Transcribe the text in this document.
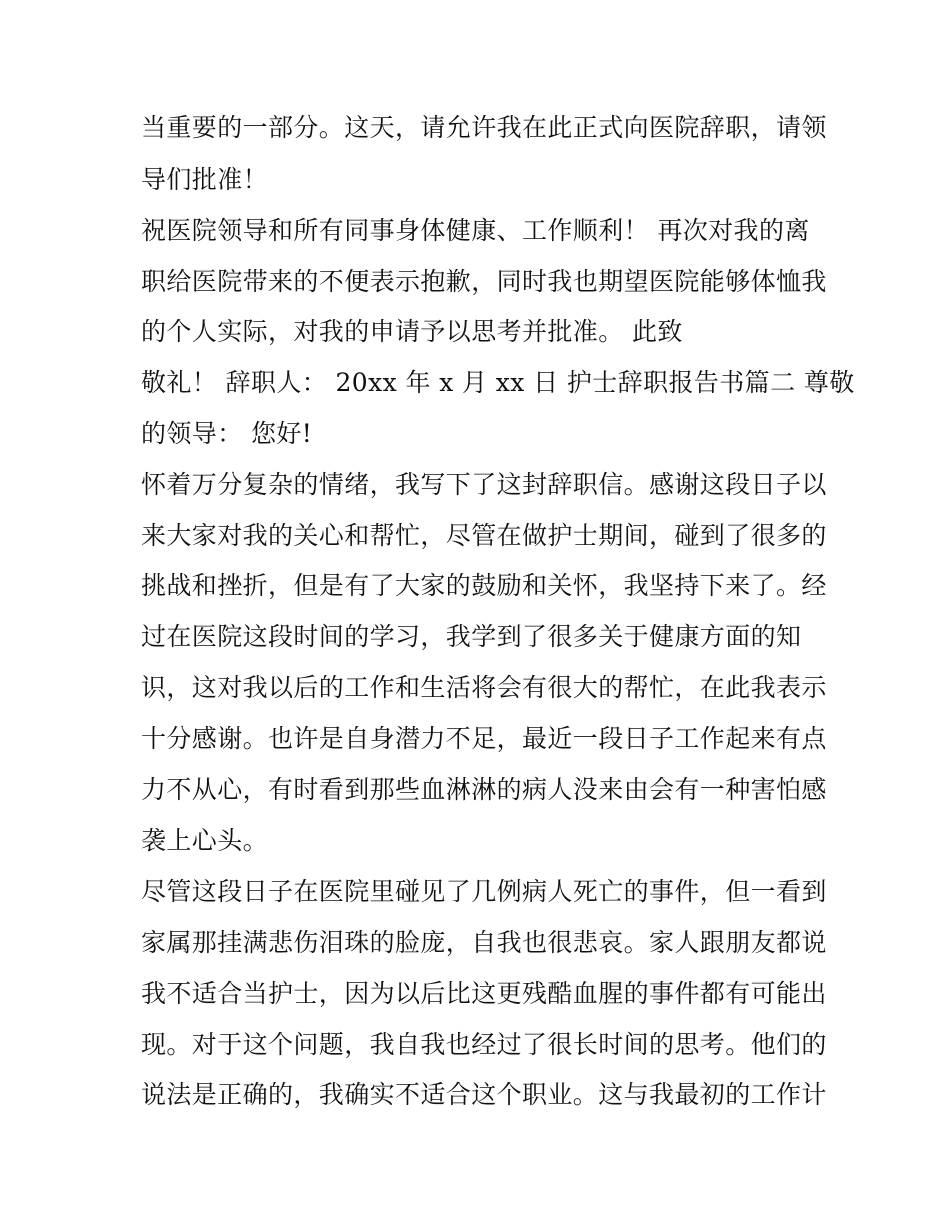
当重要的一部分。这天，请允许我在此正式向医院辞职，请领
导们批准！
祝医院领导和所有同事身体健康、工作顺利！ 再次对我的离
职给医院带来的不便表示抱歉，同时我也期望医院能够体恤我
的个人实际，对我的申请予以思考并批准。 此致
敬礼！ 辞职人： 20xx 年 x 月 xx 日 护士辞职报告书篇二 尊敬
的领导： 您好!
怀着万分复杂的情绪，我写下了这封辞职信。感谢这段日子以
来大家对我的关心和帮忙，尽管在做护士期间，碰到了很多的
挑战和挫折，但是有了大家的鼓励和关怀，我坚持下来了。经
过在医院这段时间的学习，我学到了很多关于健康方面的知
识，这对我以后的工作和生活将会有很大的帮忙，在此我表示
十分感谢。也许是自身潜力不足，最近一段日子工作起来有点
力不从心，有时看到那些血淋淋的病人没来由会有一种害怕感
袭上心头。
尽管这段日子在医院里碰见了几例病人死亡的事件，但一看到
家属那挂满悲伤泪珠的脸庞，自我也很悲哀。家人跟朋友都说
我不适合当护士，因为以后比这更残酷血腥的事件都有可能出
现。对于这个问题，我自我也经过了很长时间的思考。他们的
说法是正确的，我确实不适合这个职业。这与我最初的工作计
